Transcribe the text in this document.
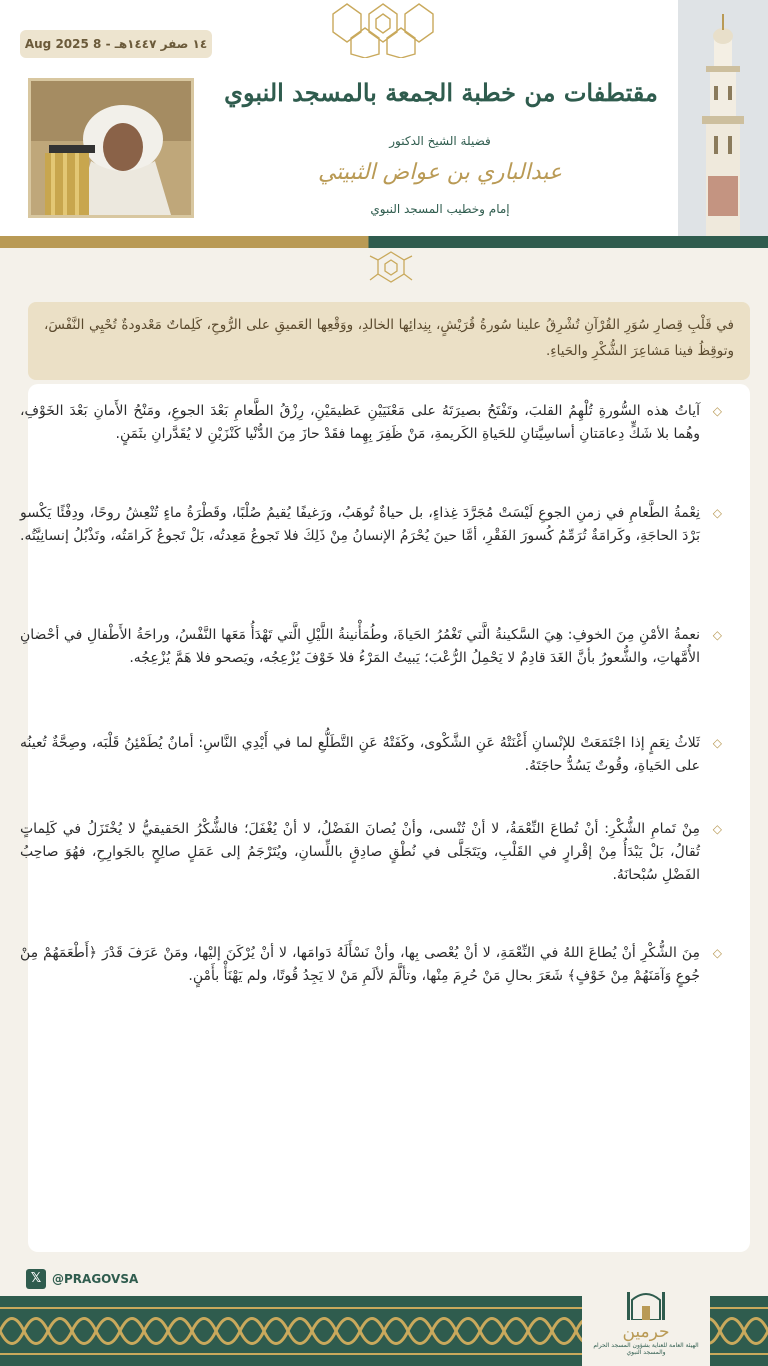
١٤ صفر ١٤٤٧هـ - 8 Aug 2025
مقتطفات من خطبة الجمعة بالمسجد النبوي
فضيلة الشيخ الدكتور
عبدالباري بن عواض الثبيتي
إمام وخطيب المسجد النبوي
في قَلْبِ قِصارِ سُوَرِ القُرْآنِ تُشْرِقُ علينا سُورةُ قُرَيْشٍ، بِنِدائِها الخالدِ، ووَقْعِها العَميقِ على الرُّوحِ، كَلِماتٌ مَعْدودةٌ تُحْيِي النَّفْسَ، وتوقِظُ فينا مَشاعِرَ الشُّكْرِ والحَياءِ.
◇
آياتُ هذه السُّورةِ تُلْهِمُ القلبَ، وتَفْتَحُ بصيرَتَهُ على مَعْنَيَيْنِ عَظيمَيْنِ، رِزْقُ الطَّعامِ بَعْدَ الجوعِ، ومَنْحُ الأَمانِ بَعْدَ الخَوْفِ، وهُما بلا شَكٍّ دِعامَتانِ أساسِيَّتانِ للحَياةِ الكَريمةِ، مَنْ ظَفِرَ بِهِما فقَدْ حازَ مِنَ الدُّنْيا كَنْزَيْنِ لا يُقَدَّرانِ بثَمَنٍ.
◇
نِعْمةُ الطَّعامِ في زمنِ الجوعِ لَيْسَتْ مُجَرَّدَ غِذاءٍ، بل حياةٌ تُوهَبُ، ورَغيفًا يُقيمُ صُلْبًا، وقَطْرَةُ ماءٍ تُنْعِشُ روحًا، ودِفْئًا يَكْسو بَرْدَ الحاجَةِ، وكَرامَةٌ تُرَمِّمُ كُسورَ الفَقْرِ، أمَّا حينَ يُحْرَمُ الإنسانُ مِنْ ذَلِكَ فلا تَجوعُ مَعِدتُه، بَلْ تَجوعُ كَرامَتُه، وتَذْبُلُ إنسانِيَّتُه.
◇
نعمةُ الأمْنِ مِنَ الخوفِ: هِيَ السَّكينةُ الَّتي تَغْمُرُ الحَياةَ، وطُمَأْنينةُ اللَّيْلِ الَّتي تَهْدَأُ مَعَها النَّفْسُ، وراحَةُ الأَطْفالِ في أحْضانِ الأُمَّهاتِ، والشُّعورُ بأنَّ الغَدَ قادِمٌ لا يَحْمِلُ الرُّعْبَ؛ يَبيتُ المَرْءُ فلا خَوْفَ يُزْعِجُه، ويَصحو فلا هَمَّ يُزْعِجُه.
◇
ثَلاثُ نِعَمٍ إذا اجْتَمَعَتْ للإنْسانِ أَغْنَتْهُ عَنِ الشَّكْوى، وكَفَتْهُ عَنِ التَّطَلُّعِ لما في أَيْدِي النَّاسِ: أمانٌ يُطَمْئِنُ قَلْبَه، وصِحَّةٌ تُعينُه على الحَياةِ، وقُوتٌ يَسُدُّ حاجَتَهُ.
◇
مِنْ تَمامِ الشُّكْرِ: أنْ تُطاعَ النِّعْمَةُ، لا أنْ تُنْسى، وأنْ يُصانَ الفَضْلُ، لا أنْ يُغْفَلَ؛ فالشُّكْرُ الحَقيقيُّ لا يُخْتَزَلُ في كَلِماتٍ تُقالُ، بَلْ يَبْدَأُ مِنْ إقْرارٍ في القَلْبِ، ويَتَجَلَّى في نُطْقٍ صادِقٍ باللِّسانِ، ويُتَرْجَمُ إلى عَمَلٍ صالِحٍ بالجَوارِحِ، فهُوَ صاحِبُ الفَضْلِ سُبْحانَهُ.
◇
مِنَ الشُّكْرِ أنْ يُطاعَ اللهُ في النِّعْمَةِ، لا أنْ يُعْصى بِها، وأنْ نَسْأَلَهُ دَوامَها، لا أنْ يُرْكَنَ إليْها، ومَنْ عَرَفَ قَدْرَ ﴿أَطْعَمَهُمْ مِنْ جُوعٍ وَآمَنَهُمْ مِنْ خَوْفٍ﴾ شَعَرَ بحالِ مَنْ حُرِمَ مِنْها، وتألَّمَ لألَمِ مَنْ لا يَجِدُ قُوتًا، ولم يَهْنَأْ بأَمْنٍ.
𝕏 @PRAGOVSA
حرمين
الهيئة العامة للعناية بشؤون المسجد الحرام والمسجد النبوي
